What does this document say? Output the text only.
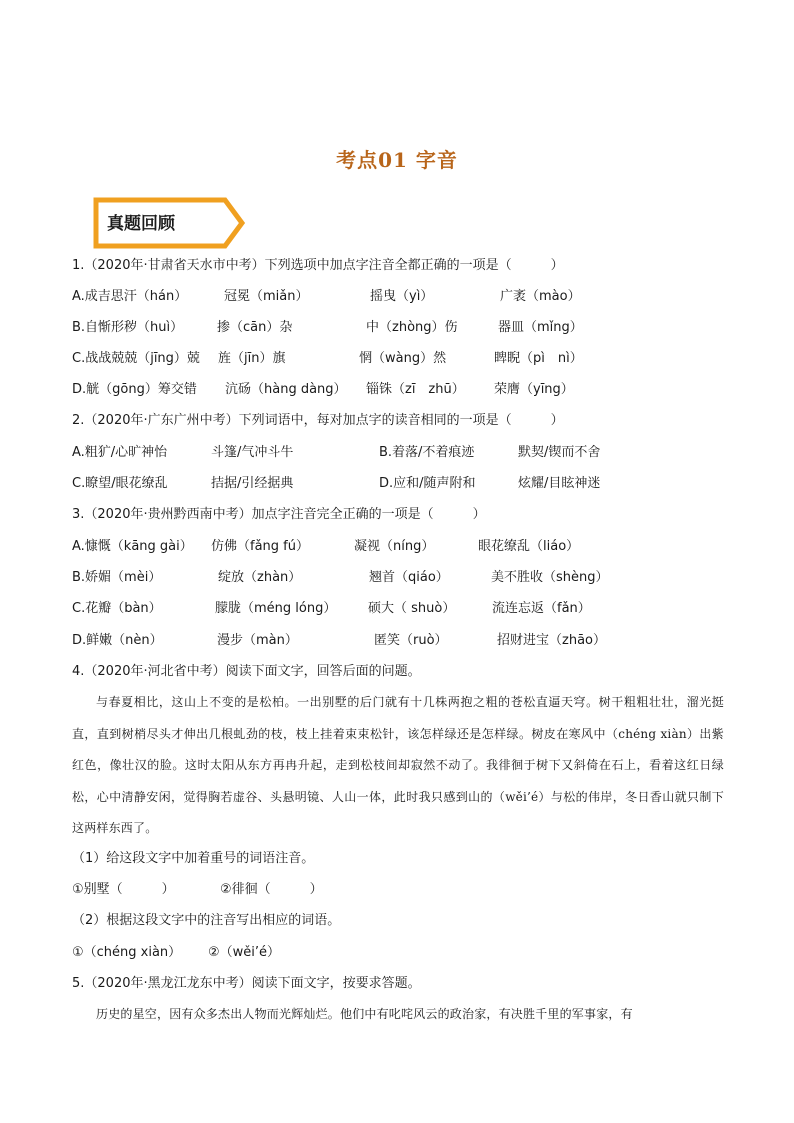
考点01 字音
真题回顾
1.（2020年·甘肃省天水市中考）下列选项中加点字注音全都正确的一项是（　　　）
A.成吉思汗（hán）	冠冕（miǎn）	摇曳（yì）	广袤（mào）
B.自惭形秽（huì）	掺（cān）杂	中（zhòng）伤	器皿（mǐng）
C.战战兢兢（jīng）兢 旌（jīn）旗	惘（wàng）然	睥睨（pì　nì）
D.觥（gōng）筹交错 沆砀（hàng dàng） 锱铢（zī　zhū） 荣膺（yīng）
2.（2020年·广东广州中考）下列词语中，每对加点字的读音相同的一项是（　　　）
A.粗犷/心旷神怡	斗篷/气冲斗牛	B.着落/不着痕迹	默契/锲而不舍
C.瞭望/眼花缭乱	拮据/引经据典	D.应和/随声附和	炫耀/目眩神迷
3.（2020年·贵州黔西南中考）加点字注音完全正确的一项是（　　　）
A.慷慨（kāng gài） 仿佛（fǎng fú）	凝视（níng）	眼花缭乱（liáo）
B.娇媚（mèi）	绽放（zhàn）	翘首（qiáo）	美不胜收（shèng）
C.花瓣（bàn）	朦胧（méng lóng） 硕大（ shuò）	流连忘返（fǎn）
D.鲜嫩（nèn）	漫步（màn）	匿笑（ruò）	招财进宝（zhāo）
4.（2020年·河北省中考）阅读下面文字，回答后面的问题。
与春夏相比，这山上不变的是松柏。一出别墅的后门就有十几株两抱之粗的苍松直逼天穹。树干粗粗壮壮，溜光挺直，直到树梢尽头才伸出几根虬劲的枝，枝上挂着束束松针，该怎样绿还是怎样绿。树皮在寒风中（chéng xiàn）出紫红色，像壮汉的脸。这时太阳从东方再冉升起，走到松枝间却寂然不动了。我徘徊于树下又斜倚在石上，看着这红日绿松，心中清静安闲，觉得胸若虚谷、头悬明镜、人山一体，此时我只感到山的（wěi’é）与松的伟岸，冬日香山就只制下这两样东西了。
（1）给这段文字中加着重号的词语注音。
①别墅（　　　）	②徘徊（　　　）
（2）根据这段文字中的注音写出相应的词语。
①（chéng xiàn） ②（wěi’é）
5.（2020年·黑龙江龙东中考）阅读下面文字，按要求答题。
历史的星空，因有众多杰出人物而光辉灿烂。他们中有叱咤风云的政治家，有决胜千里的军事家，有
